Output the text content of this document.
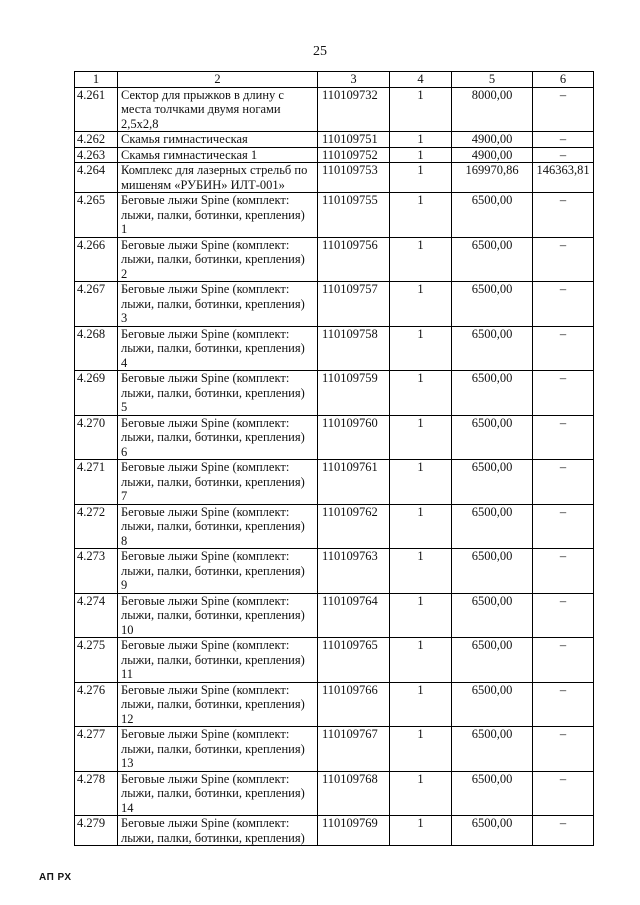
25
1	2	3	4	5	6
4.261	Сектор для прыжков в длину с места толчками двумя ногами 2,5х2,8	110109732	1	8000,00	–
4.262	Скамья гимнастическая	110109751	1	4900,00	–
4.263	Скамья гимнастическая 1	110109752	1	4900,00	–
4.264	Комплекс для лазерных стрельб по мишеням «РУБИН» ИЛТ-001»	110109753	1	169970,86	146363,81
4.265	Беговые лыжи Spine (комплект: лыжи, палки, ботинки, крепления) 1	110109755	1	6500,00	–
4.266	Беговые лыжи Spine (комплект: лыжи, палки, ботинки, крепления) 2	110109756	1	6500,00	–
4.267	Беговые лыжи Spine (комплект: лыжи, палки, ботинки, крепления) 3	110109757	1	6500,00	–
4.268	Беговые лыжи Spine (комплект: лыжи, палки, ботинки, крепления) 4	110109758	1	6500,00	–
4.269	Беговые лыжи Spine (комплект: лыжи, палки, ботинки, крепления) 5	110109759	1	6500,00	–
4.270	Беговые лыжи Spine (комплект: лыжи, палки, ботинки, крепления) 6	110109760	1	6500,00	–
4.271	Беговые лыжи Spine (комплект: лыжи, палки, ботинки, крепления) 7	110109761	1	6500,00	–
4.272	Беговые лыжи Spine (комплект: лыжи, палки, ботинки, крепления) 8	110109762	1	6500,00	–
4.273	Беговые лыжи Spine (комплект: лыжи, палки, ботинки, крепления) 9	110109763	1	6500,00	–
4.274	Беговые лыжи Spine (комплект: лыжи, палки, ботинки, крепления) 10	110109764	1	6500,00	–
4.275	Беговые лыжи Spine (комплект: лыжи, палки, ботинки, крепления) 11	110109765	1	6500,00	–
4.276	Беговые лыжи Spine (комплект: лыжи, палки, ботинки, крепления) 12	110109766	1	6500,00	–
4.277	Беговые лыжи Spine (комплект: лыжи, палки, ботинки, крепления) 13	110109767	1	6500,00	–
4.278	Беговые лыжи Spine (комплект: лыжи, палки, ботинки, крепления) 14	110109768	1	6500,00	–
4.279	Беговые лыжи Spine (комплект: лыжи, палки, ботинки, крепления)	110109769	1	6500,00	–
АП РХ
